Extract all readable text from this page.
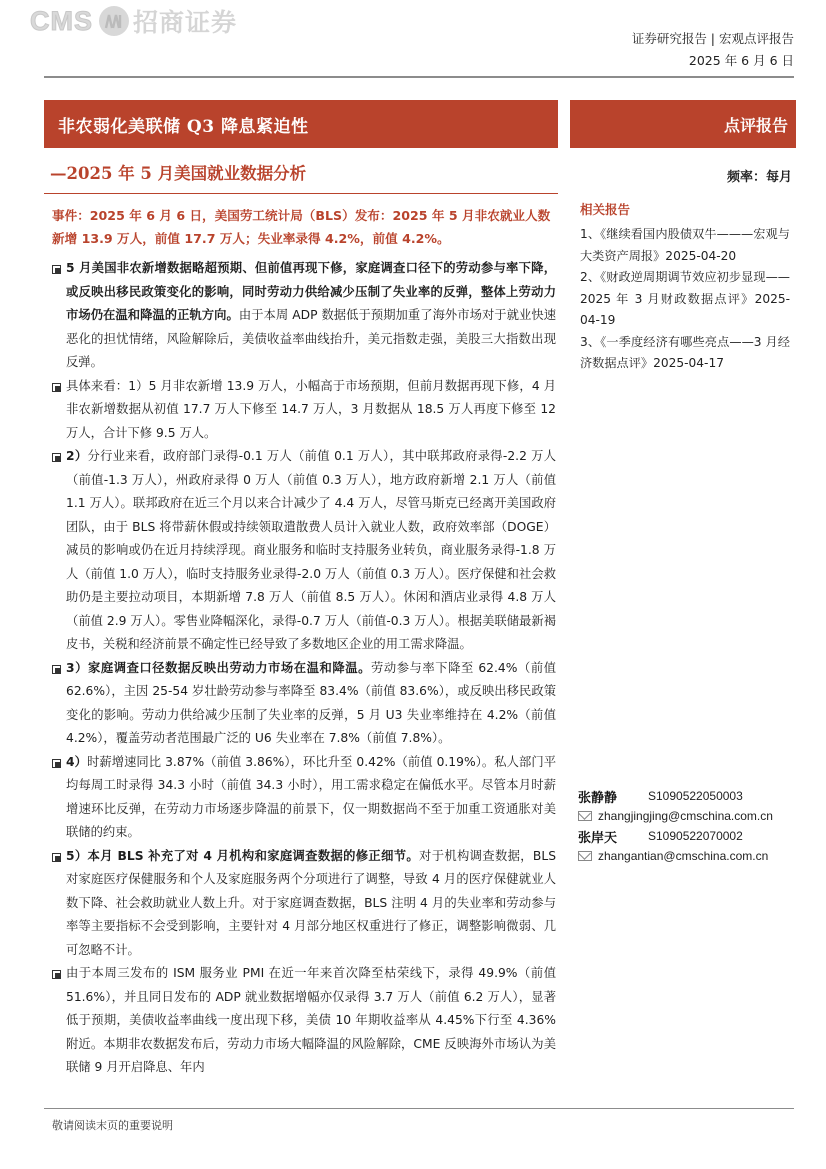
CMS 招商证券
证券研究报告 | 宏观点评报告
2025 年 6 月 6 日
非农弱化美联储 Q3 降息紧迫性	点评报告
—2025 年 5 月美国就业数据分析	频率：每月
事件：2025 年 6 月 6 日，美国劳工统计局（BLS）发布：2025 年 5 月非农就业人数新增 13.9 万人，前值 17.7 万人；失业率录得 4.2%，前值 4.2%。
5 月美国非农新增数据略超预期、但前值再现下修，家庭调查口径下的劳动参与率下降，或反映出移民政策变化的影响，同时劳动力供给减少压制了失业率的反弹，整体上劳动力市场仍在温和降温的正轨方向。由于本周 ADP 数据低于预期加重了海外市场对于就业快速恶化的担忧情绪，风险解除后，美债收益率曲线抬升，美元指数走强，美股三大指数出现反弹。
具体来看：1）5 月非农新增 13.9 万人，小幅高于市场预期，但前月数据再现下修，4 月非农新增数据从初值 17.7 万人下修至 14.7 万人，3 月数据从 18.5 万人再度下修至 12 万人，合计下修 9.5 万人。
2）分行业来看，政府部门录得-0.1 万人（前值 0.1 万人），其中联邦政府录得-2.2 万人（前值-1.3 万人），州政府录得 0 万人（前值 0.3 万人），地方政府新增 2.1 万人（前值 1.1 万人）。联邦政府在近三个月以来合计减少了 4.4 万人，尽管马斯克已经离开美国政府团队，由于 BLS 将带薪休假或持续领取遣散费人员计入就业人数，政府效率部（DOGE）减员的影响或仍在近月持续浮现。商业服务和临时支持服务业转负，商业服务录得-1.8 万人（前值 1.0 万人），临时支持服务业录得-2.0 万人（前值 0.3 万人）。医疗保健和社会救助仍是主要拉动项目，本期新增 7.8 万人（前值 8.5 万人）。休闲和酒店业录得 4.8 万人（前值 2.9 万人）。零售业降幅深化，录得-0.7 万人（前值-0.3 万人）。根据美联储最新褐皮书，关税和经济前景不确定性已经导致了多数地区企业的用工需求降温。
3）家庭调查口径数据反映出劳动力市场在温和降温。劳动参与率下降至 62.4%（前值 62.6%），主因 25-54 岁壮龄劳动参与率降至 83.4%（前值 83.6%），或反映出移民政策变化的影响。劳动力供给减少压制了失业率的反弹，5 月 U3 失业率维持在 4.2%（前值 4.2%），覆盖劳动者范围最广泛的 U6 失业率在 7.8%（前值 7.8%）。
4）时薪增速同比 3.87%（前值 3.86%），环比升至 0.42%（前值 0.19%）。私人部门平均每周工时录得 34.3 小时（前值 34.3 小时），用工需求稳定在偏低水平。尽管本月时薪增速环比反弹，在劳动力市场逐步降温的前景下，仅一期数据尚不至于加重工资通胀对美联储的约束。
5）本月 BLS 补充了对 4 月机构和家庭调查数据的修正细节。对于机构调查数据，BLS 对家庭医疗保健服务和个人及家庭服务两个分项进行了调整，导致 4 月的医疗保健就业人数下降、社会救助就业人数上升。对于家庭调查数据，BLS 注明 4 月的失业率和劳动参与率等主要指标不会受到影响，主要针对 4 月部分地区权重进行了修正，调整影响微弱、几可忽略不计。
由于本周三发布的 ISM 服务业 PMI 在近一年来首次降至枯荣线下，录得 49.9%（前值 51.6%），并且同日发布的 ADP 就业数据增幅亦仅录得 3.7 万人（前值 6.2 万人），显著低于预期，美债收益率曲线一度出现下移，美债 10 年期收益率从 4.45%下行至 4.36%附近。本期非农数据发布后，劳动力市场大幅降温的风险解除，CME 反映海外市场认为美联储 9 月开启降息、年内
相关报告
1、《继续看国内股债双牛———宏观与大类资产周报》2025-04-20
2、《财政逆周期调节效应初步显现——2025 年 3 月财政数据点评》2025-04-19
3、《一季度经济有哪些亮点——3 月经济数据点评》2025-04-17
张静静	S1090522050003
zhangjingjing@cmschina.com.cn
张岸天	S1090522070002
zhangantian@cmschina.com.cn
敬请阅读末页的重要说明
